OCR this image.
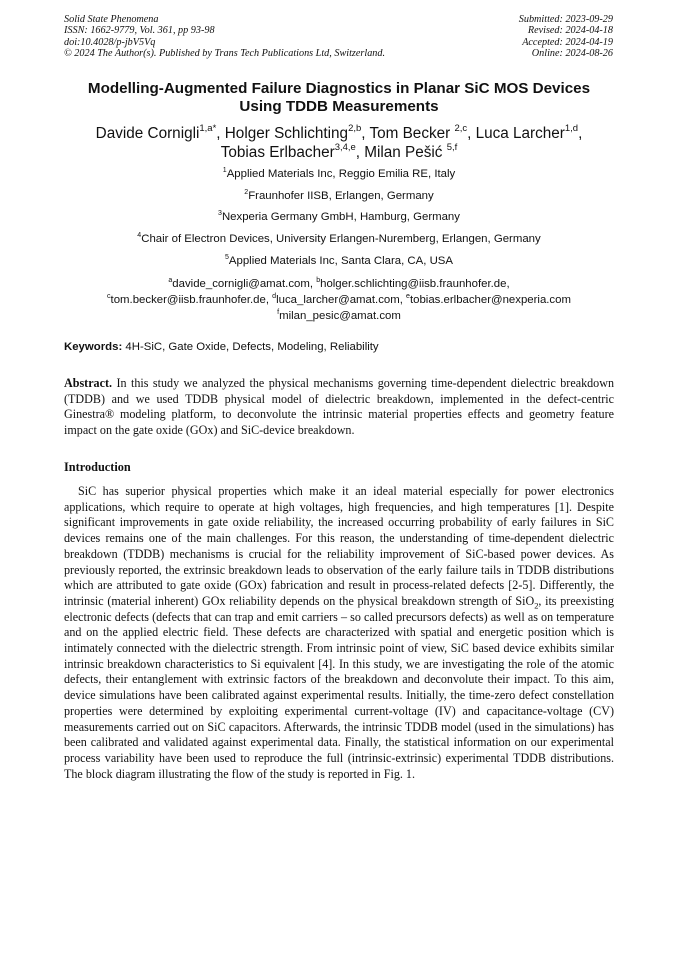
Solid State Phenomena
ISSN: 1662-9779, Vol. 361, pp 93-98
doi:10.4028/p-jbV5Vq
© 2024 The Author(s). Published by Trans Tech Publications Ltd, Switzerland.
Submitted: 2023-09-29
Revised: 2024-04-18
Accepted: 2024-04-19
Online: 2024-08-26
Modelling-Augmented Failure Diagnostics in Planar SiC MOS Devices
Using TDDB Measurements
Davide Cornigli$^{1,a*}$, Holger Schlichting$^{2,b}$, Tom Becker $^{2,c}$, Luca Larcher$^{1,d}$,
Tobias Erlbacher$^{3,4,e}$, Milan Pešić $^{5,f}$
$^1$Applied Materials Inc, Reggio Emilia RE, Italy
$^2$Fraunhofer IISB, Erlangen, Germany
$^3$Nexperia Germany GmbH, Hamburg, Germany
$^4$Chair of Electron Devices, University Erlangen-Nuremberg, Erlangen, Germany
$^5$Applied Materials Inc, Santa Clara, CA, USA
$^a$davide_cornigli@amat.com, $^b$holger.schlichting@iisb.fraunhofer.de,
$^c$tom.becker@iisb.fraunhofer.de, $^d$luca_larcher@amat.com, $^e$tobias.erlbacher@nexperia.com
$^f$milan_pesic@amat.com
Keywords: 4H-SiC, Gate Oxide, Defects, Modeling, Reliability
Abstract. In this study we analyzed the physical mechanisms governing time-dependent dielectric breakdown (TDDB) and we used TDDB physical model of dielectric breakdown, implemented in the defect-centric Ginestra® modeling platform, to deconvolute the intrinsic material properties effects and geometry feature impact on the gate oxide (GOx) and SiC-device breakdown.
Introduction
SiC has superior physical properties which make it an ideal material especially for power electronics applications, which require to operate at high voltages, high frequencies, and high temperatures [1]. Despite significant improvements in gate oxide reliability, the increased occurring probability of early failures in SiC devices remains one of the main challenges. For this reason, the understanding of time-dependent dielectric breakdown (TDDB) mechanisms is crucial for the reliability improvement of SiC-based power devices. As previously reported, the extrinsic breakdown leads to observation of the early failure tails in TDDB distributions which are attributed to gate oxide (GOx) fabrication and result in process-related defects [2-5]. Differently, the intrinsic (material inherent) GOx reliability depends on the physical breakdown strength of SiO$_2$, its preexisting electronic defects (defects that can trap and emit carriers – so called precursors defects) as well as on temperature and on the applied electric field. These defects are characterized with spatial and energetic position which is intimately connected with the dielectric strength. From intrinsic point of view, SiC based device exhibits similar intrinsic breakdown characteristics to Si equivalent [4]. In this study, we are investigating the role of the atomic defects, their entanglement with extrinsic factors of the breakdown and deconvolute their impact. To this aim, device simulations have been calibrated against experimental results. Initially, the time-zero defect constellation properties were determined by exploiting experimental current-voltage (IV) and capacitance-voltage (CV) measurements carried out on SiC capacitors. Afterwards, the intrinsic TDDB model (used in the simulations) has been calibrated and validated against experimental data. Finally, the statistical information on our experimental process variability have been used to reproduce the full (intrinsic-extrinsic) experimental TDDB distributions. The block diagram illustrating the flow of the study is reported in Fig. 1.
